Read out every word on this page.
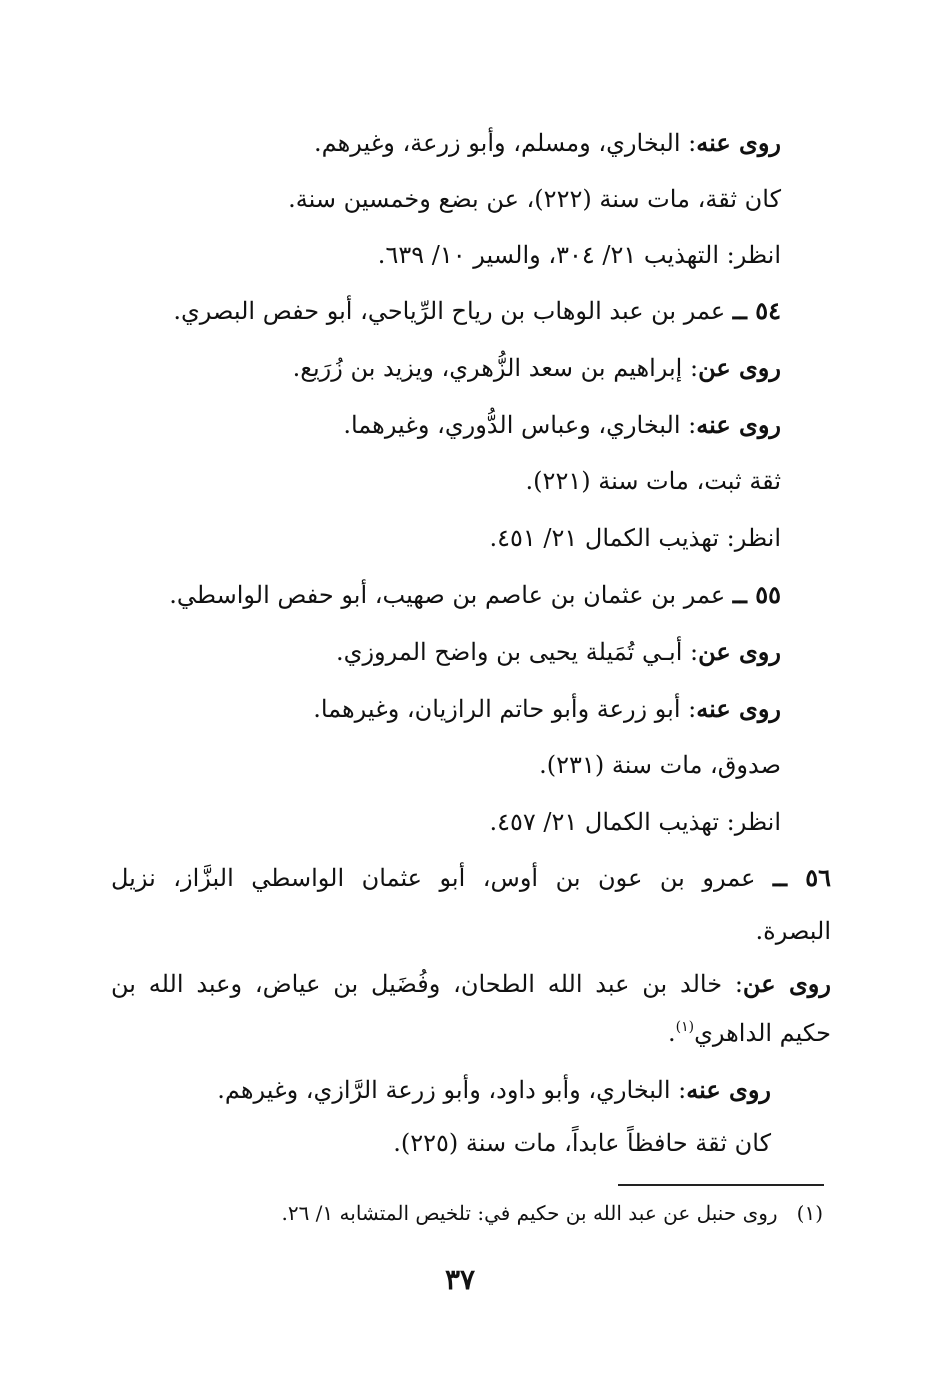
روى عنه: البخاري، ومسلم، وأبو زرعة، وغيرهم.
كان ثقة، مات سنة (٢٢٢)، عن بضع وخمسين سنة.
انظر: التهذيب ٢١/ ٣٠٤، والسير ١٠/ ٦٣٩.
٥٤ ــ عمر بن عبد الوهاب بن رياح الرِّياحي، أبو حفص البصري.
روى عن: إبراهيم بن سعد الزُّهري، ويزيد بن زُرَيع.
روى عنه: البخاري، وعباس الدُّوري، وغيرهما.
ثقة ثبت، مات سنة (٢٢١).
انظر: تهذيب الكمال ٢١/ ٤٥١.
٥٥ ــ عمر بن عثمان بن عاصم بن صهيب، أبو حفص الواسطي.
روى عن: أبـي تُمَيلة يحيى بن واضح المروزي.
روى عنه: أبو زرعة وأبو حاتم الرازيان، وغيرهما.
صدوق، مات سنة (٢٣١).
انظر: تهذيب الكمال ٢١/ ٤٥٧.
٥٦ ــ عمرو بن عون بن أوس، أبو عثمان الواسطي البزَّاز، نزيل
البصرة.
روى عن: خالد بن عبد الله الطحان، وفُضَيل بن عياض، وعبد الله بن
حكيم الداهري$^{(١)}$.
روى عنه: البخاري، وأبو داود، وأبو زرعة الرَّازي، وغيرهم.
كان ثقة حافظاً عابداً، مات سنة (٢٢٥).
(١)   روى حنبل عن عبد الله بن حكيم في: تلخيص المتشابه ١/ ٢٦.
٣٧
